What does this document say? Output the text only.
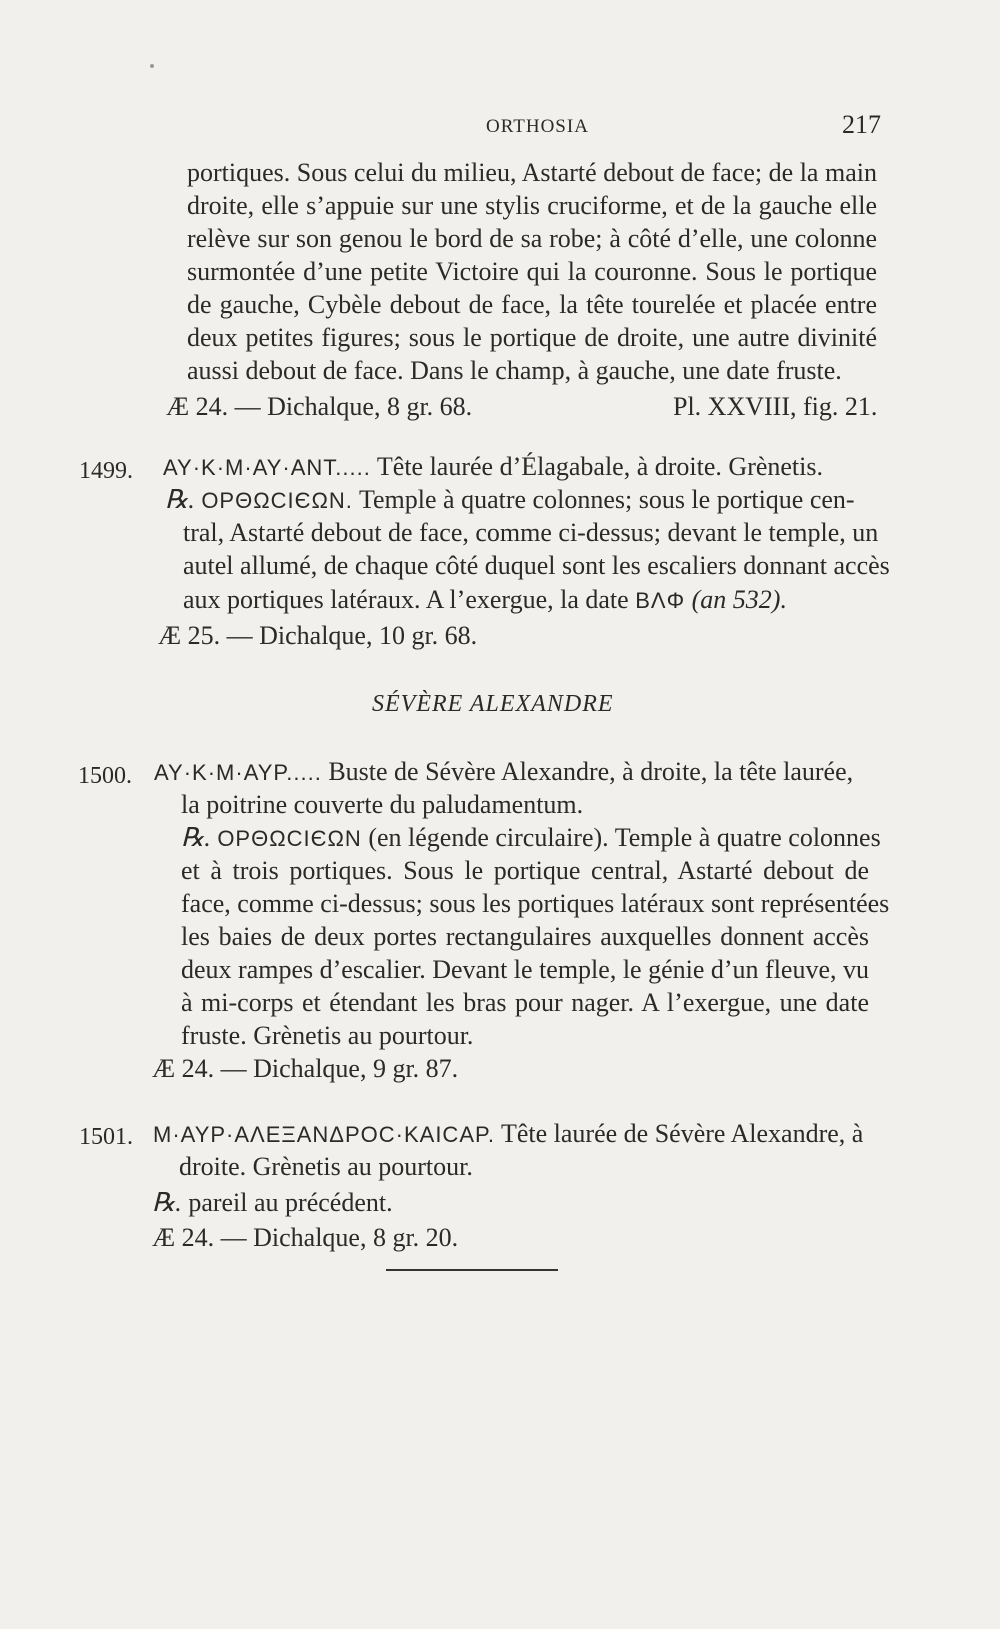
ORTHOSIA	217
portiques. Sous celui du milieu, Astarté debout de face; de la main
droite, elle s’appuie sur une stylis cruciforme, et de la gauche elle
relève sur son genou le bord de sa robe; à côté d’elle, une colonne
surmontée d’une petite Victoire qui la couronne. Sous le portique
de gauche, Cybèle debout de face, la tête tourelée et placée entre
deux petites figures; sous le portique de droite, une autre divinité
aussi debout de face. Dans le champ, à gauche, une date fruste.
Æ 24. — Dichalque, 8 gr. 68.	Pl. XXVIII, fig. 21.
1499. AY·K·M·AY·ANT..... Tête laurée d’Élagabale, à droite. Grènetis.
℞. OPΘΩCIЄΩN. Temple à quatre colonnes; sous le portique cen-
tral, Astarté debout de face, comme ci-dessus; devant le temple, un
autel allumé, de chaque côté duquel sont les escaliers donnant accès
aux portiques latéraux. A l’exergue, la date BΛΦ (an 532).
Æ 25. — Dichalque, 10 gr. 68.
SÉVÈRE ALEXANDRE
1500. AY·K·M·AYP..... Buste de Sévère Alexandre, à droite, la tête laurée,
la poitrine couverte du paludamentum.
℞. OPΘΩCIЄΩN (en légende circulaire). Temple à quatre colonnes
et à trois portiques. Sous le portique central, Astarté debout de
face, comme ci-dessus; sous les portiques latéraux sont représentées
les baies de deux portes rectangulaires auxquelles donnent accès
deux rampes d’escalier. Devant le temple, le génie d’un fleuve, vu
à mi-corps et étendant les bras pour nager. A l’exergue, une date
fruste. Grènetis au pourtour.
Æ 24. — Dichalque, 9 gr. 87.
1501. M·AYP·AΛEΞANΔPOC·KAICAP. Tête laurée de Sévère Alexandre, à
droite. Grènetis au pourtour.
℞. pareil au précédent.
Æ 24. — Dichalque, 8 gr. 20.
